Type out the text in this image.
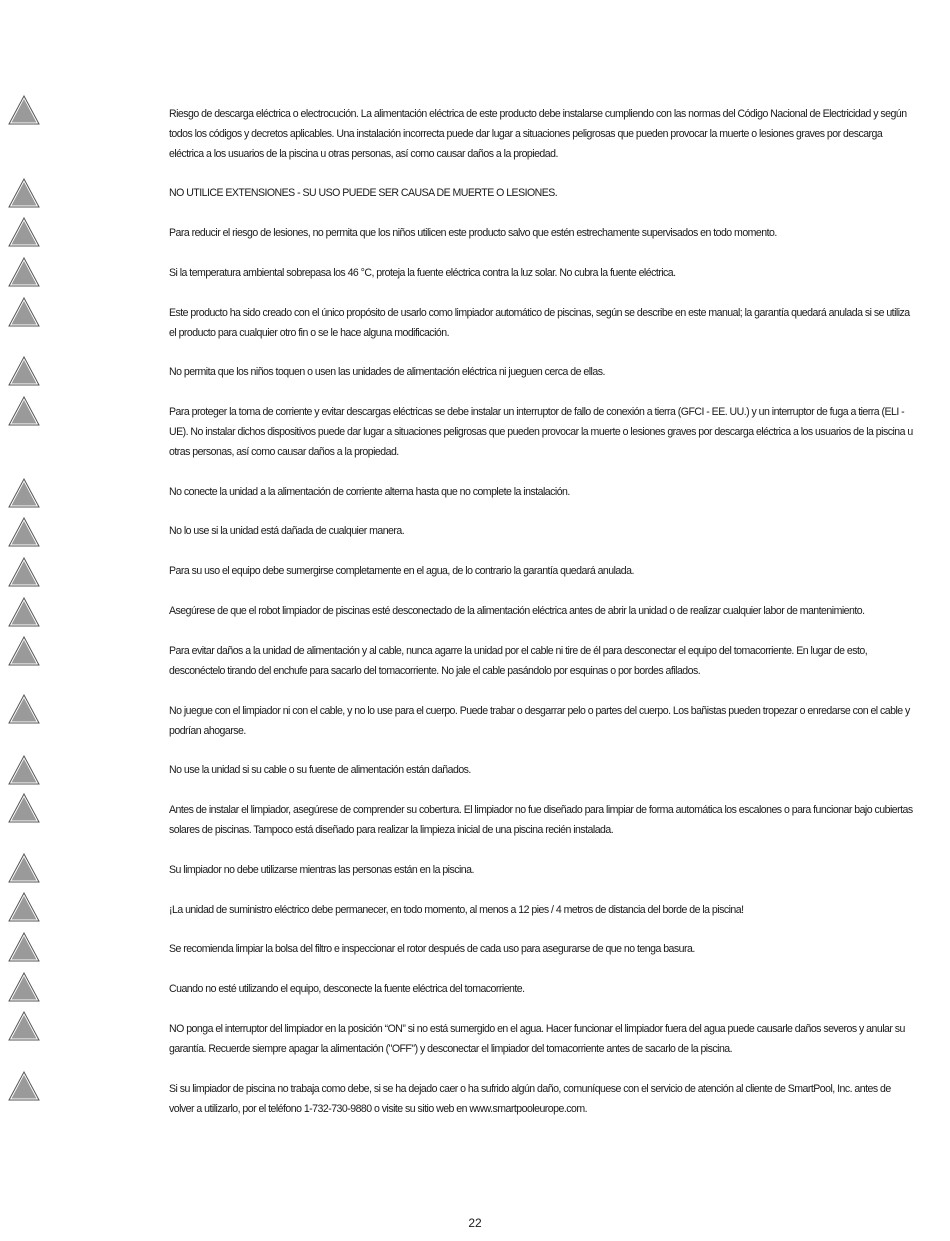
Riesgo de descarga eléctrica o electrocución. La alimentación eléctrica de este producto debe instalarse cumpliendo con las normas del Código Nacional de Electricidad y según todos los códigos y decretos aplicables. Una instalación incorrecta puede dar lugar a situaciones peligrosas que pueden provocar la muerte o lesiones graves por descarga eléctrica a los usuarios de la piscina u otras personas, así como causar daños a la propiedad.

NO UTILICE EXTENSIONES - SU USO PUEDE SER CAUSA DE MUERTE O LESIONES.

Para reducir el riesgo de lesiones, no permita que los niños utilicen este producto salvo que estén estrechamente supervisados en todo momento.

Si la temperatura ambiental sobrepasa los 46 °C, proteja la fuente eléctrica contra la luz solar. No cubra la fuente eléctrica.

Este producto ha sido creado con el único propósito de usarlo como limpiador automático de piscinas, según se describe en este manual; la garantía quedará anulada si se utiliza el producto para cualquier otro fin o se le hace alguna modificación.

No permita que los niños toquen o usen las unidades de alimentación eléctrica ni jueguen cerca de ellas.

Para proteger la toma de corriente y evitar descargas eléctricas se debe instalar un interruptor de fallo de conexión a tierra (GFCI - EE. UU.) y un interruptor de fuga a tierra (ELI - UE). No instalar dichos dispositivos puede dar lugar a situaciones peligrosas que pueden provocar la muerte o lesiones graves por descarga eléctrica a los usuarios de la piscina u otras personas, así como causar daños a la propiedad.

No conecte la unidad a la alimentación de corriente alterna hasta que no complete la instalación.

No lo use si la unidad está dañada de cualquier manera.

Para su uso el equipo debe sumergirse completamente en el agua, de lo contrario la garantía quedará anulada.

Asegúrese de que el robot limpiador de piscinas esté desconectado de la alimentación eléctrica antes de abrir la unidad o de realizar cualquier labor de mantenimiento.

Para evitar daños a la unidad de alimentación y al cable, nunca agarre la unidad por el cable ni tire de él para desconectar el equipo del tomacorriente. En lugar de esto, desconéctelo tirando del enchufe para sacarlo del tomacorriente. No jale el cable pasándolo por esquinas o por bordes afilados.

No juegue con el limpiador ni con el cable, y no lo use para el cuerpo. Puede trabar o desgarrar pelo o partes del cuerpo. Los bañistas pueden tropezar o enredarse con el cable y podrían ahogarse.

No use la unidad si su cable o su fuente de alimentación están dañados.

Antes de instalar el limpiador, asegúrese de comprender su cobertura. El limpiador no fue diseñado para limpiar de forma automática los escalones o para funcionar bajo cubiertas solares de piscinas. Tampoco está diseñado para realizar la limpieza inicial de una piscina recién instalada.

Su limpiador no debe utilizarse mientras las personas están en la piscina.

¡La unidad de suministro eléctrico debe permanecer, en todo momento, al menos a 12 pies / 4 metros de distancia del borde de la piscina!

Se recomienda limpiar la bolsa del filtro e inspeccionar el rotor después de cada uso para asegurarse de que no tenga basura.

Cuando no esté utilizando el equipo, desconecte la fuente eléctrica del tomacorriente.

NO ponga el interruptor del limpiador en la posición “ON” si no está sumergido en el agua. Hacer funcionar el limpiador fuera del agua puede causarle daños severos y anular su garantía. Recuerde siempre apagar la alimentación ("OFF") y desconectar el limpiador del tomacorriente antes de sacarlo de la piscina.

Si su limpiador de piscina no trabaja como debe, si se ha dejado caer o ha sufrido algún daño, comuníquese con el servicio de atención al cliente de SmartPool, Inc. antes de volver a utilizarlo, por el teléfono 1-732-730-9880 o visite su sitio web en www.smartpooleurope.com.

22
